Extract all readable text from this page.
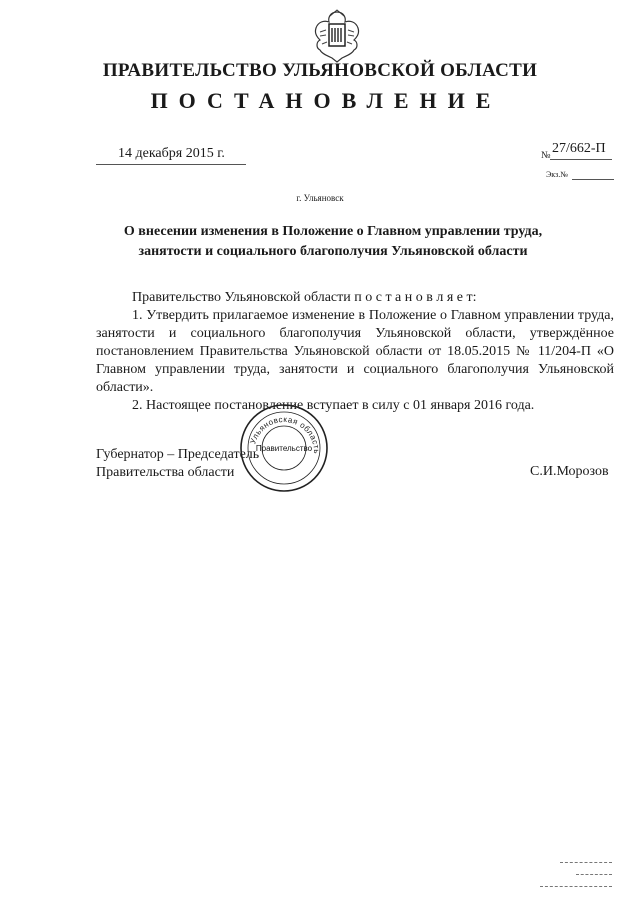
ПРАВИТЕЛЬСТВО УЛЬЯНОВСКОЙ ОБЛАСТИ
ПОСТАНОВЛЕНИЕ
14 декабря 2015 г.	№ 27/662-П
Экз.№
г. Ульяновск
О внесении изменения в Положение о Главном управлении труда,
занятости и социального благополучия Ульяновской области

Правительство Ульяновской области п о с т а н о в л я е т:

1. Утвердить прилагаемое изменение в Положение о Главном управлении труда, занятости и социального благополучия Ульяновской области, утверждённое постановлением Правительства Ульяновской области от 18.05.2015 № 11/204-П «О Главном управлении труда, занятости и социального благополучия Ульяновской области».

2. Настоящее постановление вступает в силу с 01 января 2016 года.

Губернатор – Председатель
Правительства области	С.И.Морозов
Ульяновская область
Правительство
